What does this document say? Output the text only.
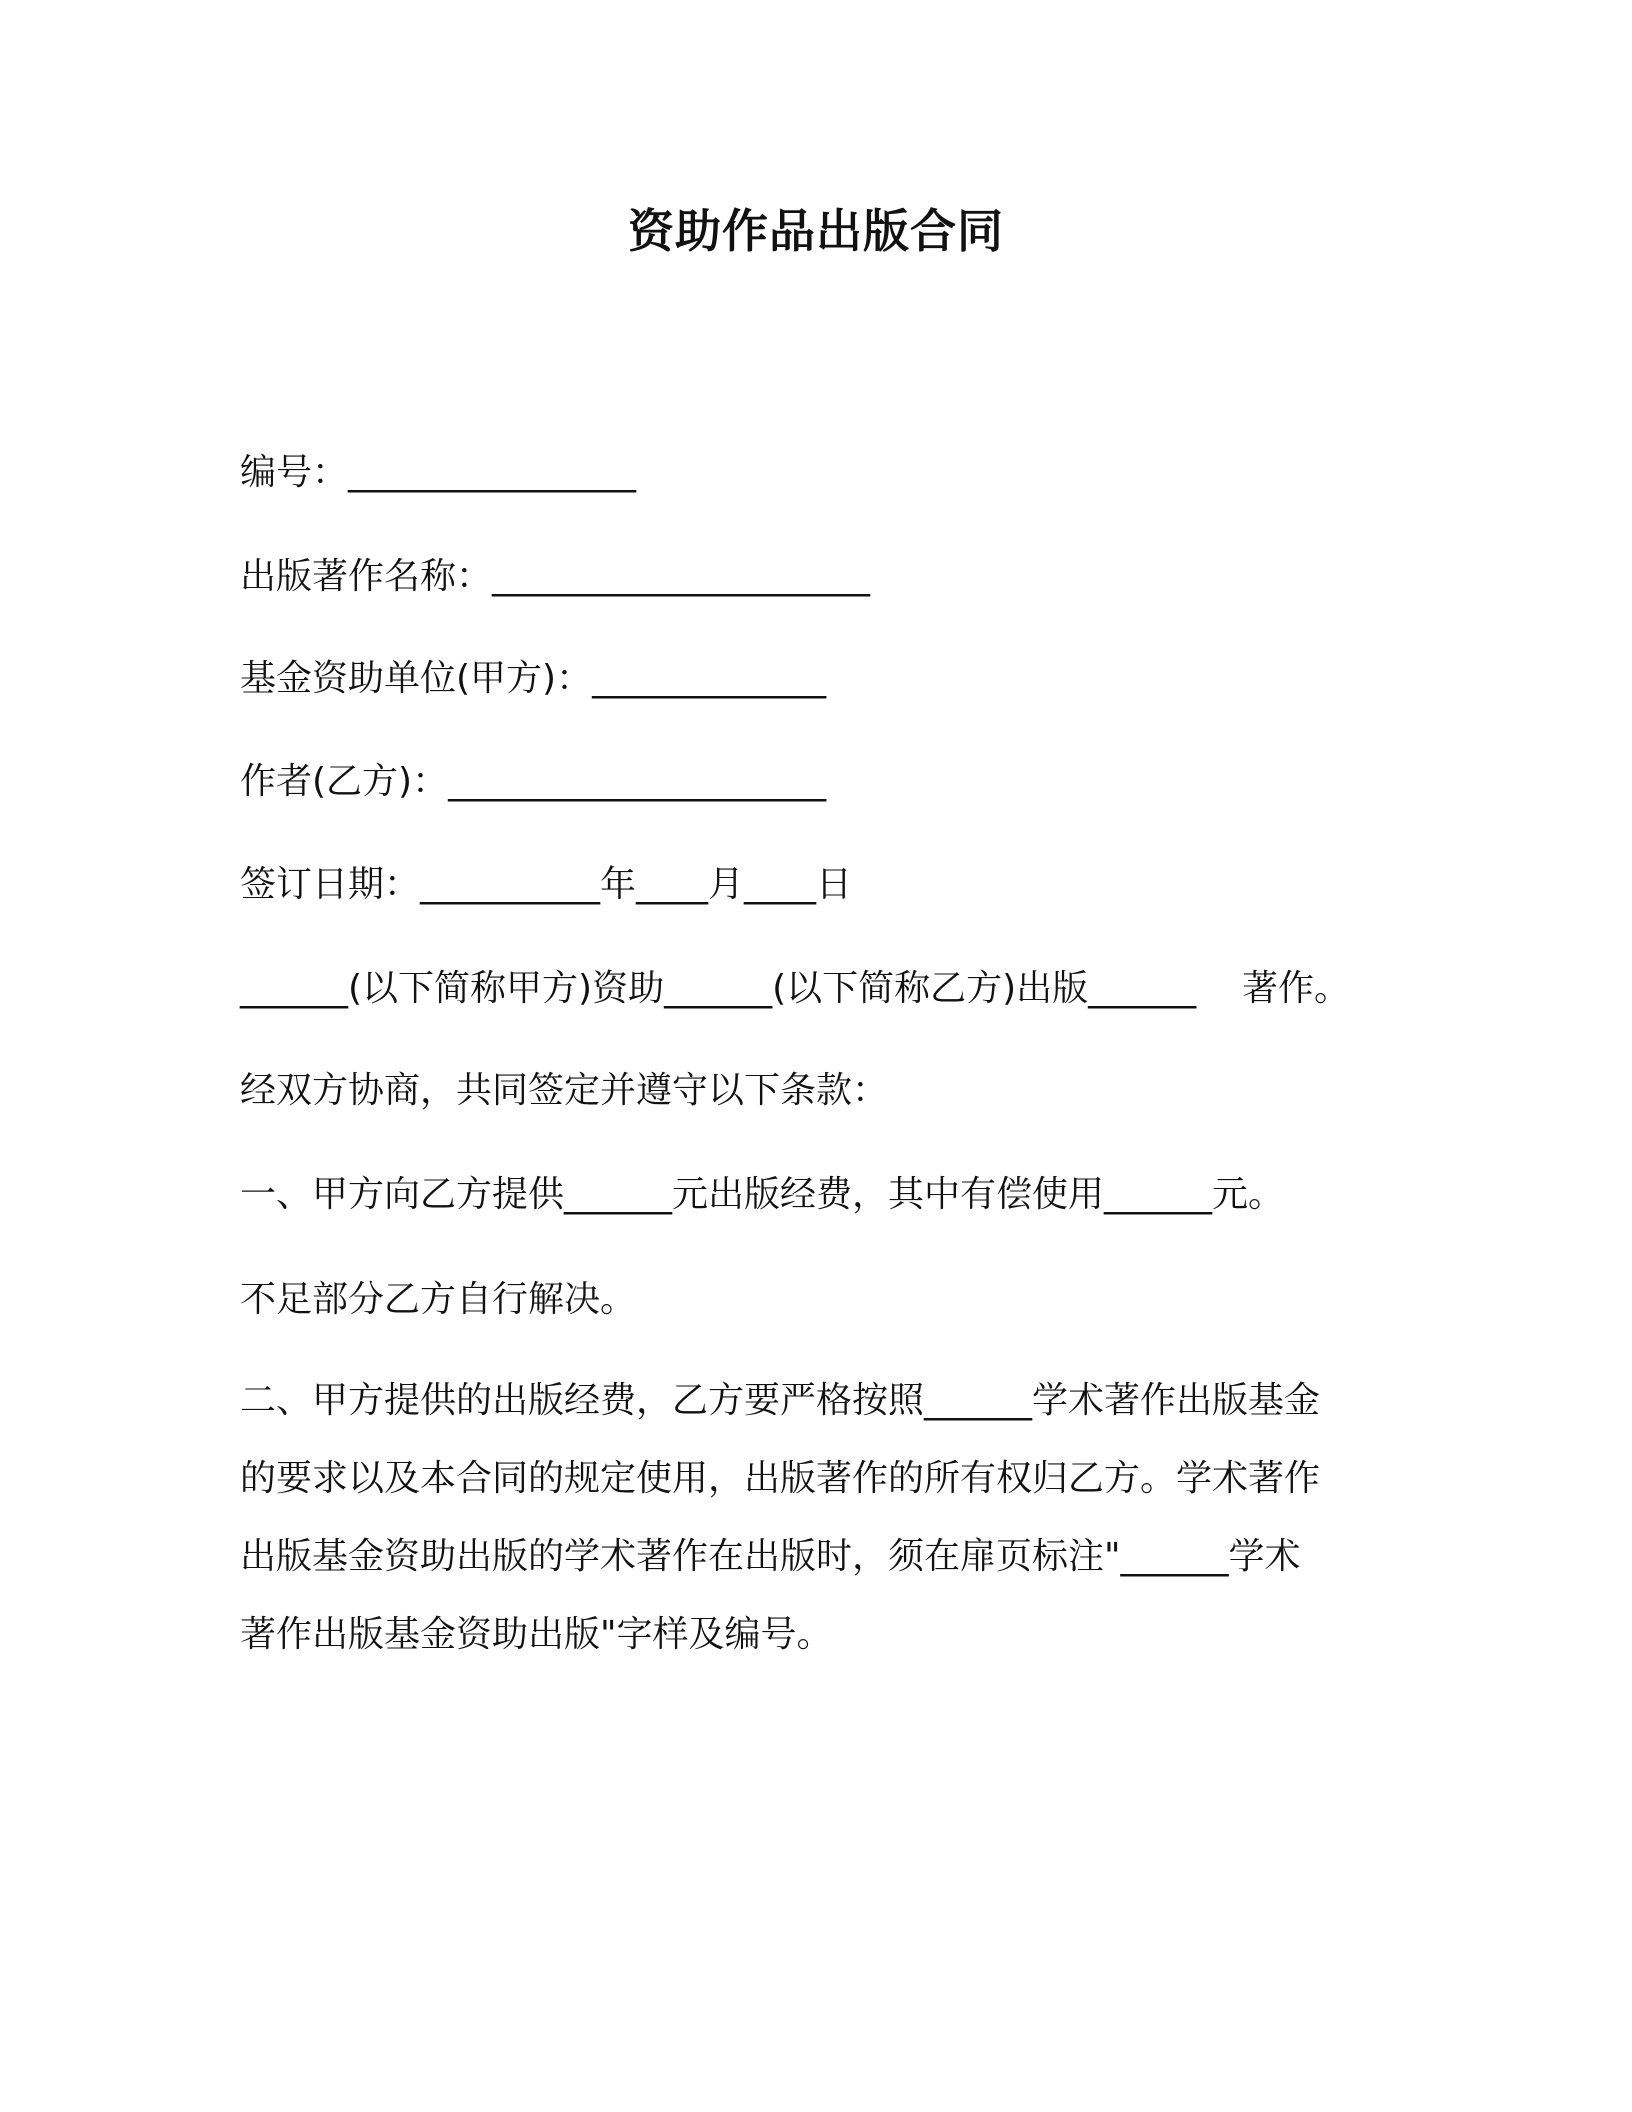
资助作品出版合同
编号：________________
出版著作名称：_____________________
基金资助单位(甲方)：_____________
作者(乙方)：_____________________
签订日期：__________年____月____日
______(以下简称甲方)资助______(以下简称乙方)出版______    著作。
经双方协商，共同签定并遵守以下条款：
一、甲方向乙方提供______元出版经费，其中有偿使用______元。
不足部分乙方自行解决。
二、甲方提供的出版经费，乙方要严格按照______学术著作出版基金
的要求以及本合同的规定使用，出版著作的所有权归乙方。学术著作
出版基金资助出版的学术著作在出版时，须在扉页标注"______学术
著作出版基金资助出版"字样及编号。
